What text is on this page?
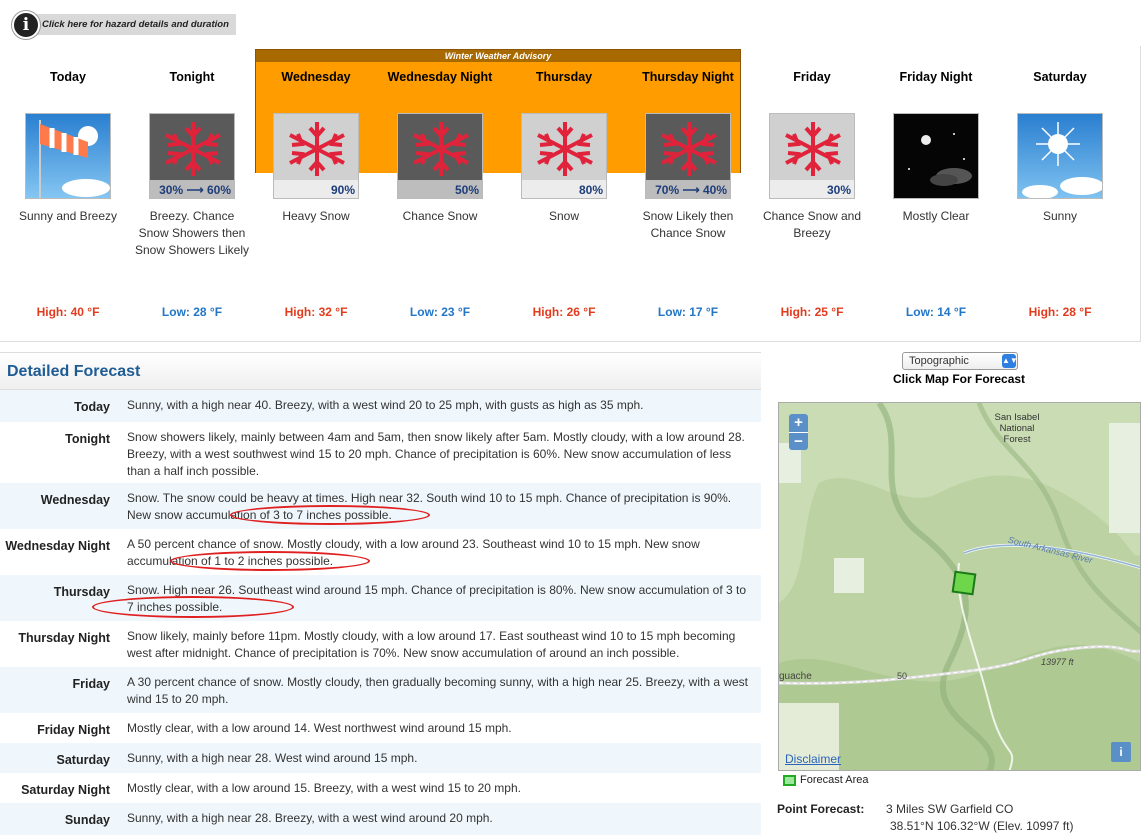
Click here for hazard details and duration
i
Winter Weather Advisory
Today
Sunny and Breezy
High: 40 °F
Tonight
30% ⟶ 60%
Breezy. Chance Snow Showers then Snow Showers Likely
Low: 28 °F
Wednesday
90%
Heavy Snow
High: 32 °F
Wednesday Night
50%
Chance Snow
Low: 23 °F
Thursday
80%
Snow
High: 26 °F
Thursday Night
70% ⟶ 40%
Snow Likely then Chance Snow
Low: 17 °F
Friday
30%
Chance Snow and Breezy
High: 25 °F
Friday Night
Mostly Clear
Low: 14 °F
Saturday
Sunny
High: 28 °F
Detailed Forecast
Today Sunny, with a high near 40. Breezy, with a west wind 20 to 25 mph, with gusts as high as 35 mph.
Tonight Snow showers likely, mainly between 4am and 5am, then snow likely after 5am. Mostly cloudy, with a low around 28. Breezy, with a west southwest wind 15 to 20 mph. Chance of precipitation is 60%. New snow accumulation of less than a half inch possible.
Wednesday Snow. The snow could be heavy at times. High near 32. South wind 10 to 15 mph. Chance of precipitation is 90%. New snow accumulation of 3 to 7 inches possible.
Wednesday Night A 50 percent chance of snow. Mostly cloudy, with a low around 23. Southeast wind 10 to 15 mph. New snow accumulation of 1 to 2 inches possible.
Thursday Snow. High near 26. Southeast wind around 15 mph. Chance of precipitation is 80%. New snow accumulation of 3 to 7 inches possible.
Thursday Night Snow likely, mainly before 11pm. Mostly cloudy, with a low around 17. East southeast wind 10 to 15 mph becoming west after midnight. Chance of precipitation is 70%. New snow accumulation of around an inch possible.
Friday A 30 percent chance of snow. Mostly cloudy, then gradually becoming sunny, with a high near 25. Breezy, with a west wind 15 to 20 mph.
Friday Night Mostly clear, with a low around 14. West northwest wind around 15 mph.
Saturday Sunny, with a high near 28. West wind around 15 mph.
Saturday Night Mostly clear, with a low around 15. Breezy, with a west wind 15 to 20 mph.
Sunday Sunny, with a high near 28. Breezy, with a west wind around 20 mph.
Topographic	▲▼
Click Map For Forecast
San Isabel National Forest
South Arkansas River
13977 ft
guache	50
+
−
Disclaimer	i
Forecast Area
Point Forecast: 3 Miles SW Garfield CO
38.51°N 106.32°W (Elev. 10997 ft)
